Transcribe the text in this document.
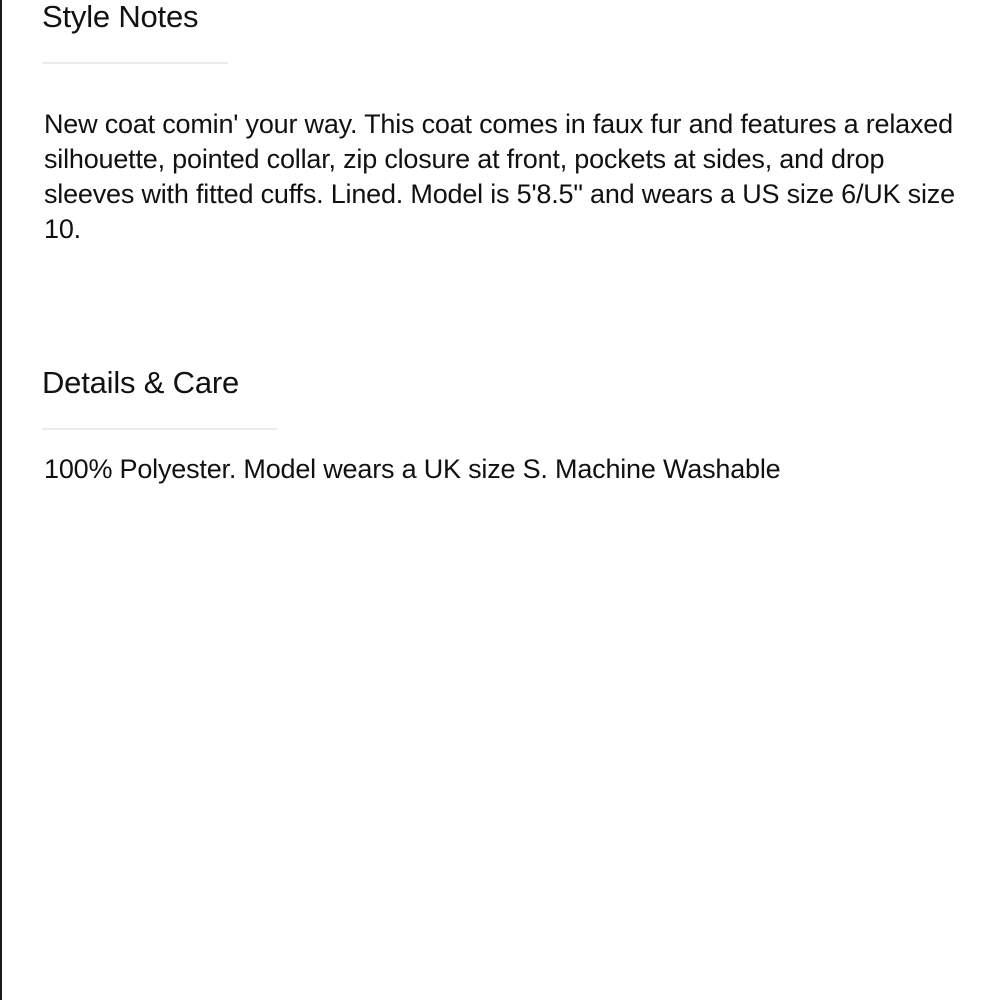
Style Notes

New coat comin' your way. This coat comes in faux fur and features a relaxed silhouette, pointed collar, zip closure at front, pockets at sides, and drop sleeves with fitted cuffs. Lined. Model is 5'8.5" and wears a US size 6/UK size 10.

Details & Care

100% Polyester. Model wears a UK size S. Machine Washable
